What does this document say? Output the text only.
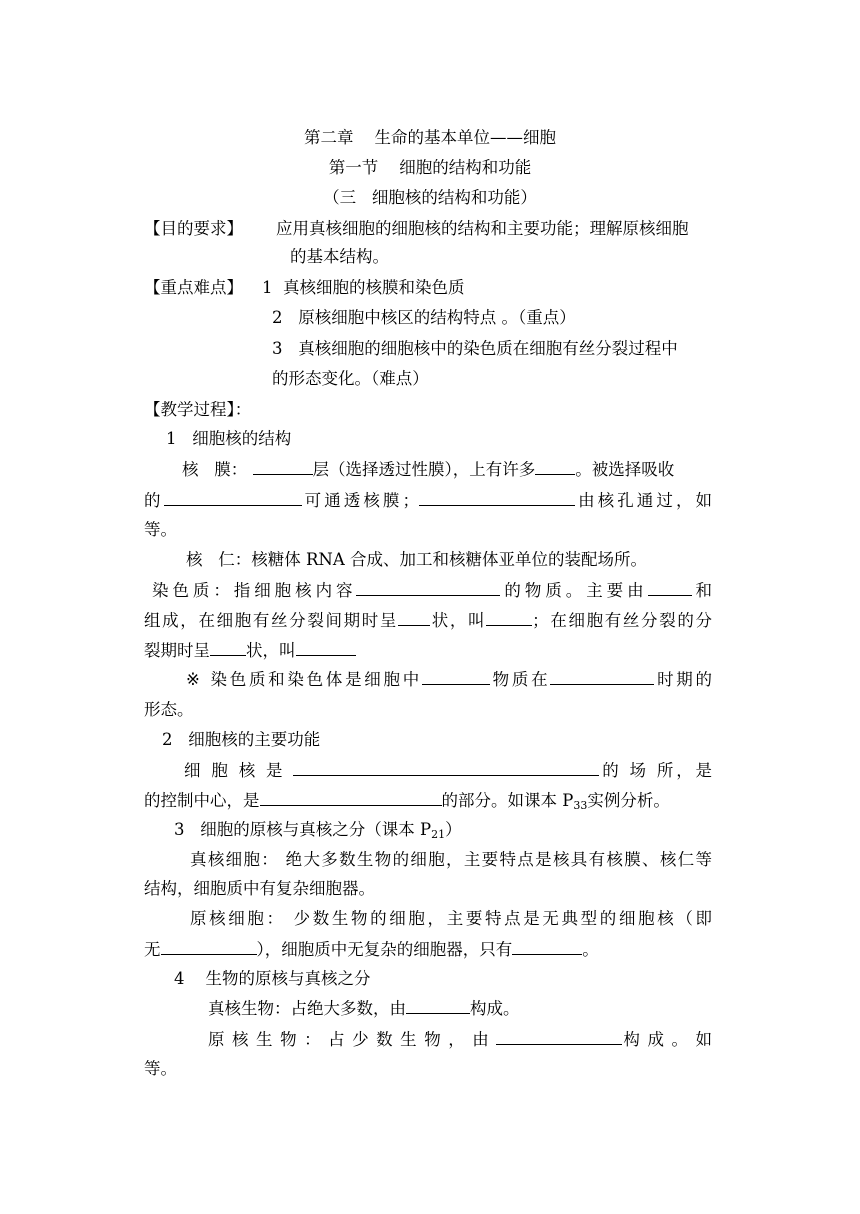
第二章    生命的基本单位——细胞
第一节    细胞的结构和功能
（三   细胞核的结构和功能）
【目的要求】 应用真核细胞的细胞核的结构和主要功能；理解原核细胞
的基本结构。
【重点难点】 1  真核细胞的核膜和染色质
2   原核细胞中核区的结构特点 。（重点）
3   真核细胞的细胞核中的染色质在细胞有丝分裂过程中
的形态变化。（难点）
【教学过程】：
1   细胞核的结构
核   膜：	层（选择透过性膜），上有许多 。被选择吸收
的	可通透核膜；	由核孔通过，如
等。
核   仁：核糖体 RNA 合成、加工和核糖体亚单位的装配场所。
染色质：指细胞核内容	的物质。主要由	和
组成，在细胞有丝分裂间期时呈 状，叫	；在细胞有丝分裂的分
裂期时呈 状，叫
※ 染色质和染色体是细胞中	物质在	时期的
形态。
2   细胞核的主要功能
细 胞 核 是	的 场 所，是
的控制中心，是	的部分。如课本 $P_{33}$实例分析。
3   细胞的原核与真核之分（课本 $P_{21}$）
真核细胞： 绝大多数生物的细胞，主要特点是核具有核膜、核仁等
结构，细胞质中有复杂细胞器。
原核细胞： 少数生物的细胞，主要特点是无典型的细胞核（即
无	），细胞质中无复杂的细胞器，只有	。
4    生物的原核与真核之分
真核生物：占绝大多数，由	构成。
原 核 生 物 ： 占 少 数 生 物 ， 由	构 成 。 如
等。
